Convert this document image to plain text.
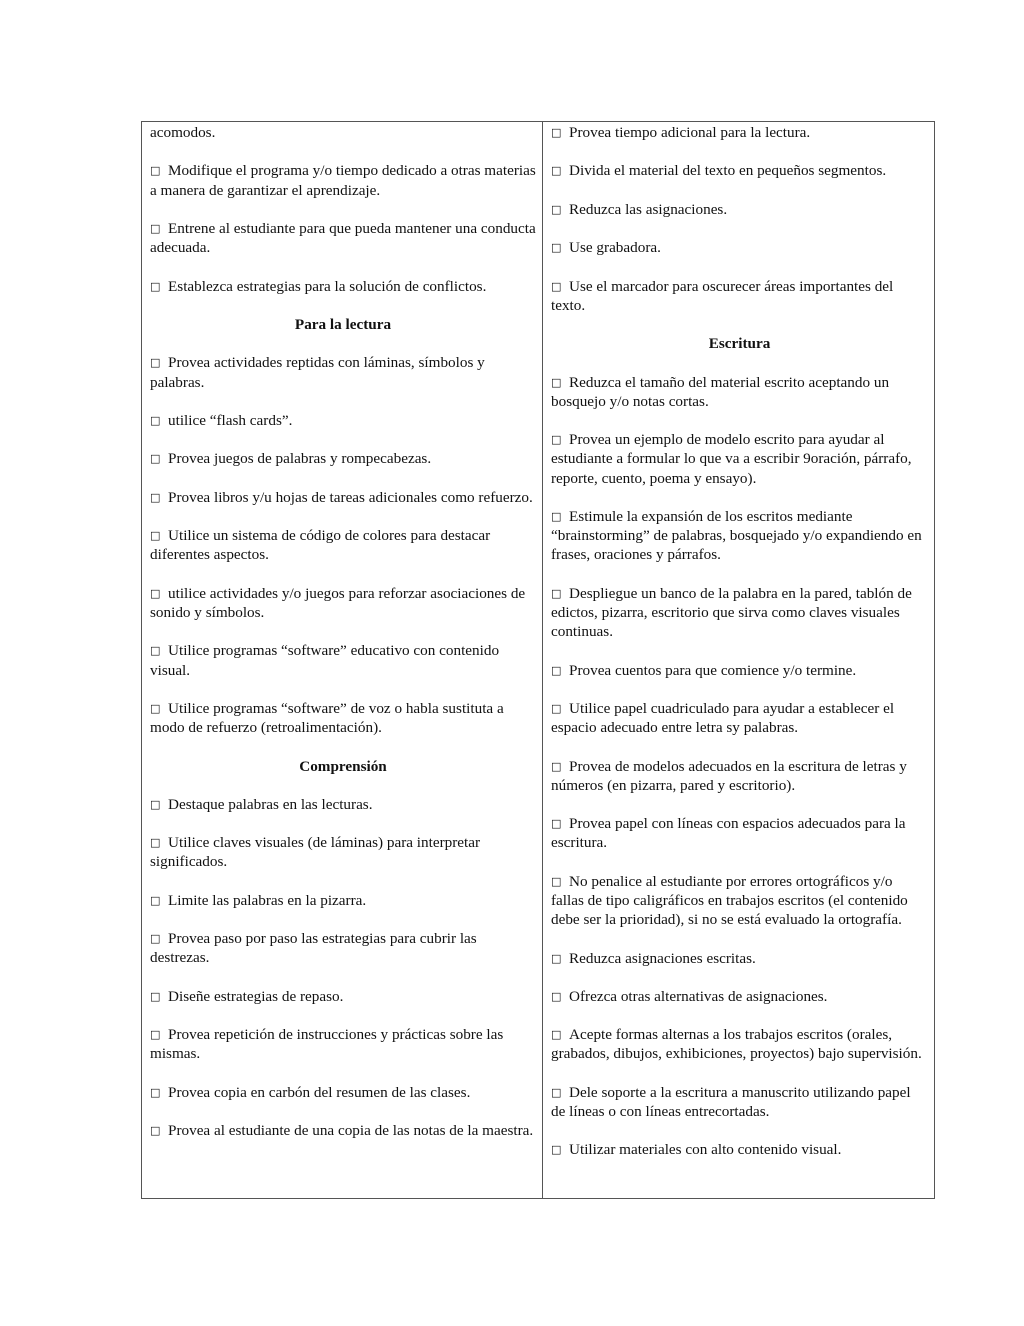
acomodos.

□ Modifique el programa y/o tiempo dedicado a otras materias a manera de garantizar el aprendizaje.

□ Entrene al estudiante para que pueda mantener una conducta adecuada.

□ Establezca estrategias para la solución de conflictos.

Para la lectura

□ Provea actividades reptidas con láminas, símbolos y palabras.

□ utilice “flash cards”.

□ Provea juegos de palabras y rompecabezas.

□ Provea libros y/u hojas de tareas adicionales como refuerzo.

□ Utilice un sistema de código de colores para destacar diferentes aspectos.

□ utilice actividades y/o juegos para reforzar asociaciones de sonido y símbolos.

□ Utilice programas “software” educativo con contenido visual.

□ Utilice programas “software” de voz o habla sustituta a modo de refuerzo (retroalimentación).

Comprensión

□ Destaque palabras en las lecturas.

□ Utilice claves visuales (de láminas) para interpretar significados.

□ Limite las palabras en la pizarra.

□ Provea paso por paso las estrategias para cubrir las destrezas.

□ Diseñe estrategias de repaso.

□ Provea repetición de instrucciones y prácticas sobre las mismas.

□ Provea copia en carbón del resumen de las clases.

□ Provea al estudiante de una copia de las notas de la maestra.

□ Provea tiempo adicional para la lectura.

□ Divida el material del texto en pequeños segmentos.

□ Reduzca las asignaciones.

□ Use grabadora.

□ Use el marcador para oscurecer áreas importantes del texto.

Escritura

□ Reduzca el tamaño del material escrito aceptando un bosquejo y/o notas cortas.

□ Provea un ejemplo de modelo escrito para ayudar al estudiante a formular lo que va a escribir 9oración, párrafo, reporte, cuento, poema y ensayo).

□ Estimule la expansión de los escritos mediante “brainstorming” de palabras, bosquejado y/o expandiendo en frases, oraciones y párrafos.

□ Despliegue un banco de la palabra en la pared, tablón de edictos, pizarra, escritorio que sirva como claves visuales continuas.

□ Provea cuentos para que comience y/o termine.

□ Utilice papel cuadriculado para ayudar a establecer el espacio adecuado entre letra sy palabras.

□ Provea de modelos adecuados en la escritura de letras y números (en pizarra, pared y escritorio).

□ Provea papel con líneas con espacios adecuados para la escritura.

□ No penalice al estudiante por errores ortográficos y/o fallas de tipo caligráficos en trabajos escritos (el contenido debe ser la prioridad), si no se está evaluado la ortografía.

□ Reduzca asignaciones escritas.

□ Ofrezca otras alternativas de asignaciones.

□ Acepte formas alternas a los trabajos escritos (orales, grabados, dibujos, exhibiciones, proyectos) bajo supervisión.

□ Dele soporte a la escritura a manuscrito utilizando papel de líneas o con líneas entrecortadas.

□ Utilizar materiales con alto contenido visual.
